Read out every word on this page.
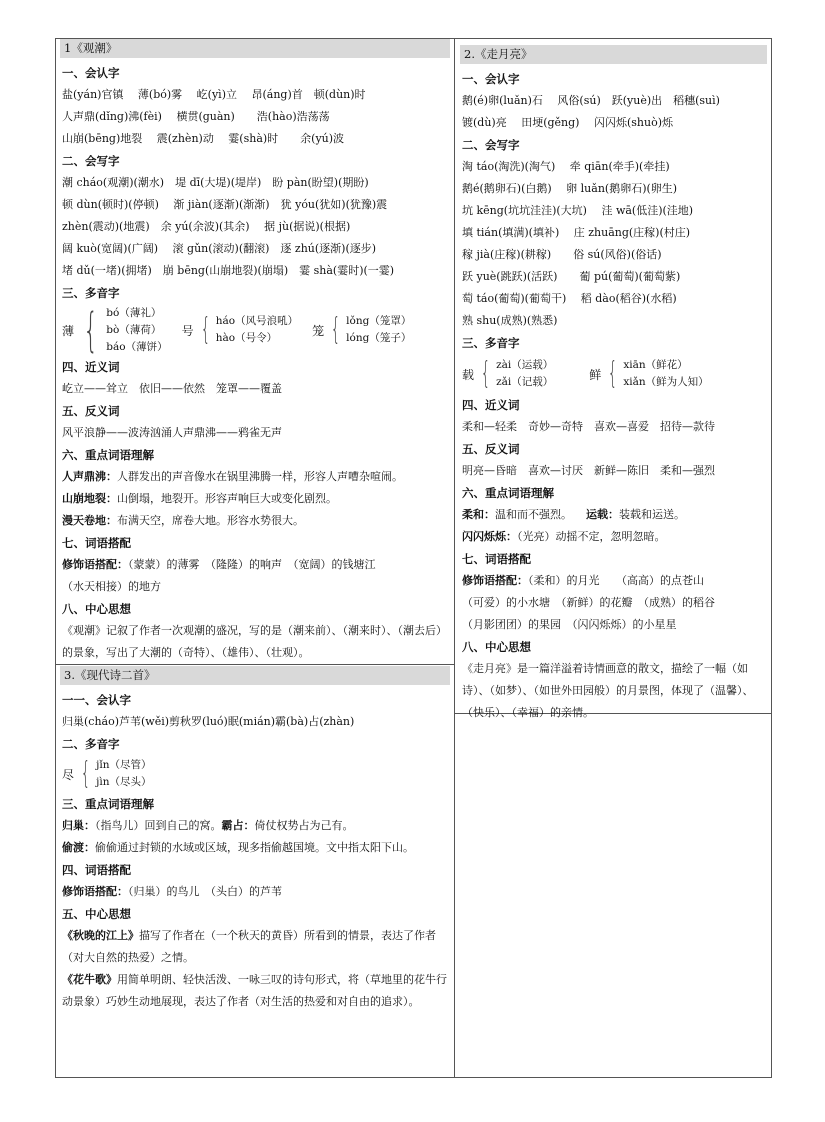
1《观潮》
一、会认字
盐(yán)官镇　 薄(bó)雾　 屹(yì)立　 昂(áng)首　顿(dùn)时
人声鼎(dǐng)沸(fèi)　 横贯(guàn)　　浩(hào)浩荡荡
山崩(bēng)地裂　 震(zhèn)动　 霎(shà)时　　余(yú)波
二、会写字
潮 cháo(观潮)(潮水)　堤 dī(大堤)(堤岸)　盼 pàn(盼望)(期盼)
顿 dùn(顿时)(停顿)　 渐 jiàn(逐渐)(渐渐)　犹 yóu(犹如)(犹豫)震
zhèn(震动)(地震)　余 yú(余波)(其余)　 据 jù(据说)(根据)
阔 kuò(宽阔)(广阔)　 滚 gǔn(滚动)(翻滚)　逐 zhú(逐渐)(逐步)
堵 dǔ(一堵)(拥堵)　崩 bēng(山崩地裂)(崩塌)　霎 shà(霎时)(一霎)
三、多音字
薄 { bó（薄礼）
bò（薄荷）
báo（薄饼）
号 { háo（风号浪吼）
hào（号令）
笼 { lǒng（笼罩）
lóng（笼子）
四、近义词
屹立——耸立　依旧——依然　笼罩——覆盖
五、反义词
风平浪静——波涛汹涌人声鼎沸——鸦雀无声
六、重点词语理解
人声鼎沸：人群发出的声音像水在锅里沸腾一样，形容人声嘈杂喧闹。
山崩地裂：山倒塌，地裂开。形容声响巨大或变化剧烈。
漫天卷地：布满天空，席卷大地。形容水势很大。
七、词语搭配
修饰语搭配：（蒙蒙）的薄雾　（隆隆）的响声　（宽阔）的钱塘江
（水天相接）的地方
八、中心思想
《观潮》记叙了作者一次观潮的盛况，写的是（潮来前）、（潮来时）、（潮去后）的景象，写出了大潮的（奇特）、（雄伟）、（壮观）。
3.《现代诗二首》
一一、会认字
归巢(cháo)芦苇(wěi)剪秋罗(luó)眠(mián)霸(bà)占(zhàn)
二、多音字
尽 { jǐn（尽管）
jìn（尽头）
三、重点词语理解
归巢：（指鸟儿）回到自己的窝。霸占：倚仗权势占为己有。
偷渡：偷偷通过封锁的水域或区域，现多指偷越国境。文中指太阳下山。
四、词语搭配
修饰语搭配：（归巢）的鸟儿　（头白）的芦苇
五、中心思想
《秋晚的江上》描写了作者在（一个秋天的黄昏）所看到的情景，表达了作者（对大自然的热爱）之情。
《花牛歌》用简单明朗、轻快活泼、一咏三叹的诗句形式，将（草地里的花牛行动景象）巧妙生动地展现，表达了作者（对生活的热爱和对自由的追求）。
2.《走月亮》
一、会认字
鹅(é)卵(luǎn)石　 风俗(sú)　跃(yuè)出　稻穗(suì)
镀(dù)亮　 田埂(gěng)　 闪闪烁(shuò)烁
二、会写字
淘 táo(淘洗)(淘气)　 牵 qiān(牵手)(牵挂)
鹅é(鹅卵石)(白鹅)　 卵 luǎn(鹅卵石)(卵生)
坑 kēng(坑坑洼洼)(大坑)　 洼 wā(低洼)(洼地)
填 tián(填满)(填补)　 庄 zhuāng(庄稼)(村庄)
稼 jià(庄稼)(耕稼)　　俗 sú(风俗)(俗话)
跃 yuè(跳跃)(活跃)　　葡 pú(葡萄)(葡萄紫)
萄 táo(葡萄)(葡萄干)　 稻 dào(稻谷)(水稻)
熟 shu(成熟)(熟悉)
三、多音字
载 { zài（运载）
zǎi（记载）
鲜 { xiān（鲜花）
xiǎn（鲜为人知）
四、近义词
柔和—轻柔　奇妙—奇特　喜欢—喜爱　招待—款待
五、反义词
明亮—昏暗　喜欢—讨厌　新鲜—陈旧　柔和—强烈
六、重点词语理解
柔和：温和而不强烈。 运载：装载和运送。
闪闪烁烁：（光亮）动摇不定，忽明忽暗。
七、词语搭配
修饰语搭配：（柔和）的月光　　（高高）的点苍山
（可爱）的小水塘　（新鲜）的花瓣　（成熟）的稻谷
（月影团团）的果园　（闪闪烁烁）的小星星
八、中心思想
《走月亮》是一篇洋溢着诗情画意的散文，描绘了一幅（如诗）、（如梦）、（如世外田园般）的月景图，体现了（温馨）、（快乐）、（幸福）的亲情。
